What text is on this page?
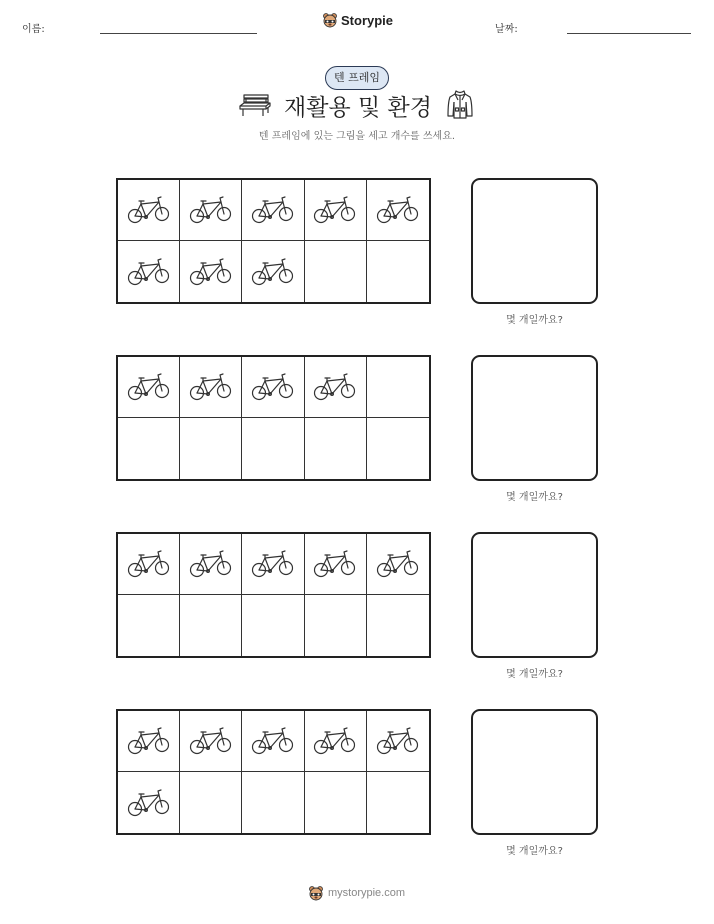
이름:
Storypie
날짜:
텐 프레임
재활용 및 환경
텐 프레임에 있는 그림을 세고 개수를 쓰세요.
몇 개일까요?
몇 개일까요?
몇 개일까요?
몇 개일까요?
mystorypie.com
